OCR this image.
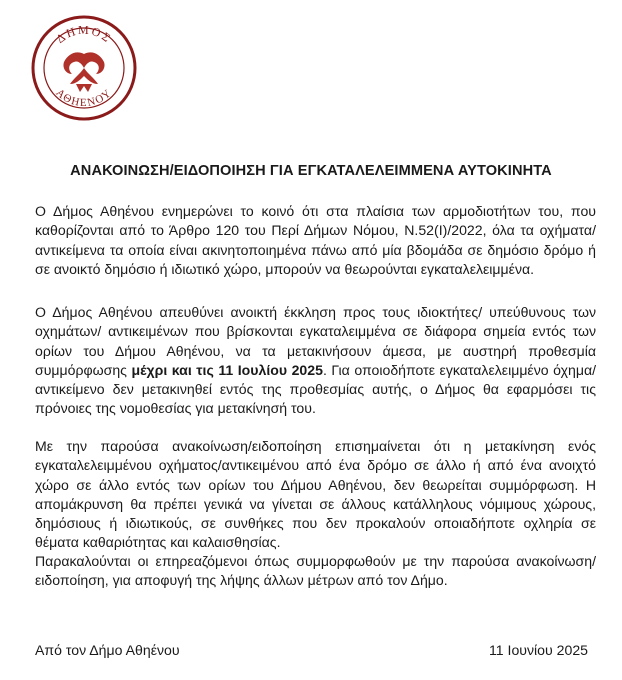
ΔΗΜΟΣ
ΑΘΗΕΝΟΥ
ΑΝΑΚΟΙΝΩΣΗ/ΕΙΔΟΠΟΙΗΣΗ ΓΙΑ ΕΓΚΑΤΑΛΕΛΕΙΜΜΕΝΑ ΑΥΤΟΚΙΝΗΤΑ

Ο Δήμος Αθηένου ενημερώνει το κοινό ότι στα πλαίσια των αρμοδιοτήτων του, που καθορίζονται από το Άρθρο 120 του Περί Δήμων Νόμου, Ν.52(Ι)/2022, όλα τα οχήματα/αντικείμενα τα οποία είναι ακινητοποιημένα πάνω από μία βδομάδα σε δημόσιο δρόμο ή σε ανοικτό δημόσιο ή ιδιωτικό χώρο, μπορούν να θεωρούνται εγκαταλελειμμένα.

Ο Δήμος Αθηένου απευθύνει ανοικτή έκκληση προς τους ιδιοκτήτες/ υπεύθυνους των οχημάτων/ αντικειμένων που βρίσκονται εγκαταλειμμένα σε διάφορα σημεία εντός των ορίων του Δήμου Αθηένου, να τα μετακινήσουν άμεσα, με αυστηρή προθεσμία συμμόρφωσης μέχρι και τις 11 Ιουλίου 2025. Για οποιοδήποτε εγκαταλελειμμένο όχημα/ αντικείμενο δεν μετακινηθεί εντός της προθεσμίας αυτής, ο Δήμος θα εφαρμόσει τις πρόνοιες της νομοθεσίας για μετακίνησή του.

Με την παρούσα ανακοίνωση/ειδοποίηση επισημαίνεται ότι η μετακίνηση ενός εγκαταλελειμμένου οχήματος/αντικειμένου από ένα δρόμο σε άλλο ή από ένα ανοιχτό χώρο σε άλλο εντός των ορίων του Δήμου Αθηένου, δεν θεωρείται συμμόρφωση. Η απομάκρυνση θα πρέπει γενικά να γίνεται σε άλλους κατάλληλους νόμιμους χώρους, δημόσιους ή ιδιωτικούς, σε συνθήκες που δεν προκαλούν οποιαδήποτε οχληρία σε θέματα καθαριότητας και καλαισθησίας.

Παρακαλούνται οι επηρεαζόμενοι όπως συμμορφωθούν με την παρούσα ανακοίνωση/ειδοποίηση, για αποφυγή της λήψης άλλων μέτρων από τον Δήμο.

Από τον Δήμο Αθηένου	11 Ιουνίου 2025
